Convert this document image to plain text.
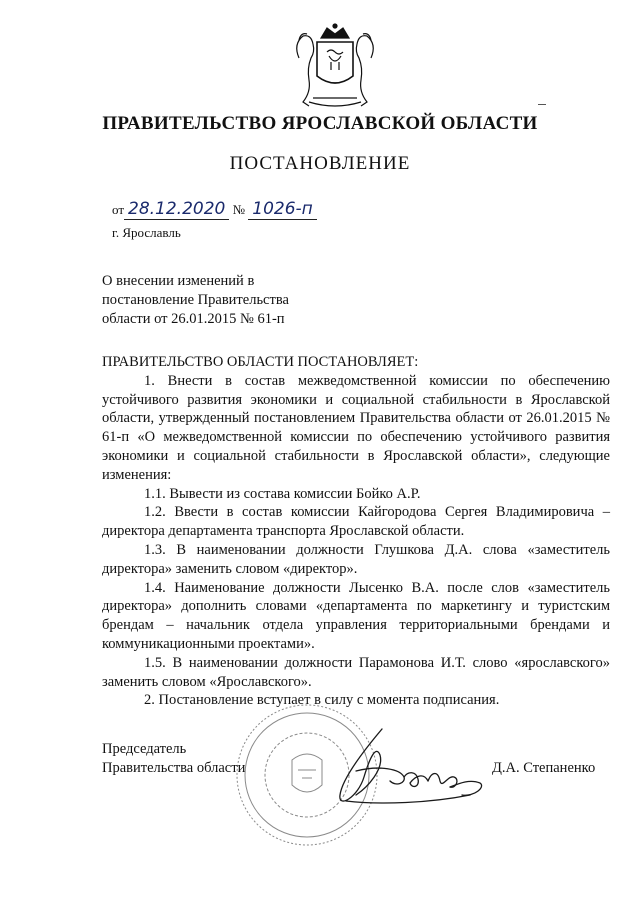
ПРАВИТЕЛЬСТВО ЯРОСЛАВСКОЙ ОБЛАСТИ
ПОСТАНОВЛЕНИЕ
от 28.12.2020 № 1026-п
г. Ярославль
О внесении изменений в
постановление Правительства
области от 26.01.2015 № 61-п

ПРАВИТЕЛЬСТВО ОБЛАСТИ ПОСТАНОВЛЯЕТ:

1. Внести в состав межведомственной комиссии по обеспечению устойчивого развития экономики и социальной стабильности в Ярославской области, утвержденный постановлением Правительства области от 26.01.2015 № 61-п «О межведомственной комиссии по обеспечению устойчивого развития экономики и социальной стабильности в Ярославской области», следующие изменения:

1.1. Вывести из состава комиссии Бойко А.Р.

1.2. Ввести в состав комиссии Кайгородова Сергея Владимировича – директора департамента транспорта Ярославской области.

1.3. В наименовании должности Глушкова Д.А. слова «заместитель директора» заменить словом «директор».

1.4. Наименование должности Лысенко В.А. после слов «заместитель директора» дополнить словами «департамента по маркетингу и туристским брендам – начальник отдела управления территориальными брендами и коммуникационными проектами».

1.5. В наименовании должности Парамонова И.Т. слово «ярославского» заменить словом «Ярославского».

2. Постановление вступает в силу с момента подписания.

Председатель
Правительства области	Д.А. Степаненко
